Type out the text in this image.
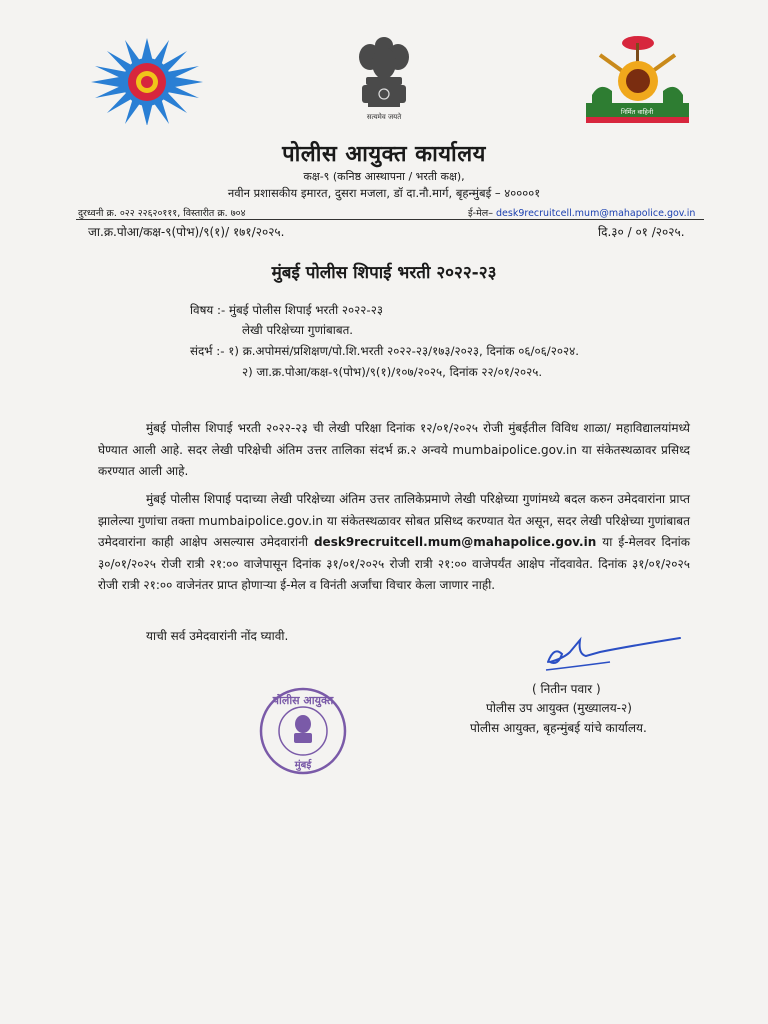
सत्यमेव जयते
निर्मित वाहिनी
पोलीस आयुक्त कार्यालय
कक्ष-९ (कनिष्ठ आस्थापना / भरती कक्ष),
नवीन प्रशासकीय इमारत, दुसरा मजला, डॉ दा.नौ.मार्ग, बृहन्मुंबई – ४००००१
दुरध्वनी क्र. ०२२ २२६२०१११, विस्तारीत क्र. ७०४	ई-मेल– desk9recruitcell.mum@mahapolice.gov.in
जा.क्र.पोआ/कक्ष-९(पोभ)/९(१)/ १७१/२०२५.	दि.३० / ०१ /२०२५.
मुंबई पोलीस शिपाई भरती २०२२-२३
विषय :- मुंबई पोलीस शिपाई भरती २०२२-२३
लेखी परिक्षेच्या गुणांबाबत.
संदर्भ :- १) क्र.अपोमसं/प्रशिक्षण/पो.शि.भरती २०२२-२३/१७३/२०२३, दिनांक ०६/०६/२०२४.
२) जा.क्र.पोआ/कक्ष-९(पोभ)/९(१)/१०७/२०२५, दिनांक २२/०१/२०२५.
मुंबई पोलीस शिपाई भरती २०२२-२३ ची लेखी परिक्षा दिनांक १२/०१/२०२५ रोजी मुंबईतील विविध शाळा/ महाविद्यालयांमध्ये घेण्यात आली आहे. सदर लेखी परिक्षेची अंतिम उत्तर तालिका संदर्भ क्र.२ अन्वये mumbaipolice.gov.in या संकेतस्थळावर प्रसिध्द करण्यात आली आहे.
मुंबई पोलीस शिपाई पदाच्या लेखी परिक्षेच्या अंतिम उत्तर तालिकेप्रमाणे लेखी परिक्षेच्या गुणांमध्ये बदल करुन उमेदवारांना प्राप्त झालेल्या गुणांचा तक्ता mumbaipolice.gov.in या संकेतस्थळावर सोबत प्रसिध्द करण्यात येत असून, सदर लेखी परिक्षेच्या गुणांबाबत उमेदवारांना काही आक्षेप असल्यास उमेदवारांनी desk9recruitcell.mum@mahapolice.gov.in या ई-मेलवर दिनांक ३०/०१/२०२५ रोजी रात्री २१:०० वाजेपासून दिनांक ३१/०१/२०२५ रोजी रात्री २१:०० वाजेपर्यंत आक्षेप नोंदवावेत. दिनांक ३१/०१/२०२५ रोजी रात्री २१:०० वाजेनंतर प्राप्त होणाऱ्या ई-मेल व विनंती अर्जांचा विचार केला जाणार नाही.
याची सर्व उमेदवारांनी नोंद घ्यावी.
( नितीन पवार )
पोलीस उप आयुक्त (मुख्यालय-२)
पोलीस आयुक्त, बृहन्मुंबई यांचे कार्यालय.
पोलीस आयुक्त
मुंबई
